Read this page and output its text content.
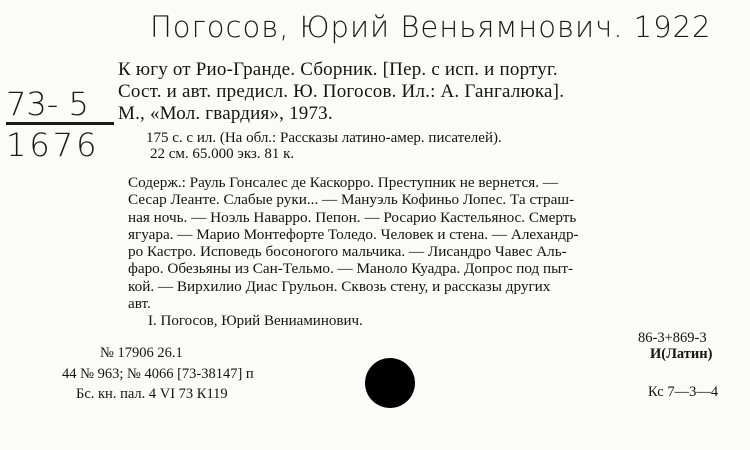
Погосов, Юрий Веньямнович. 1922
73- 5
1676
К югу от Рио-Гранде. Сборник. [Пер. с исп. и португ.
Сост. и авт. предисл. Ю. Погосов. Ил.: А. Гангалюка].
М., «Мол. гвардия», 1973.
175 с. с ил. (На обл.: Рассказы латино-амер. писателей).
22 см. 65.000 экз. 81 к.
Содерж.: Рауль Гонсалес де Каскорро. Преступник не вернется. —
Сесар Леанте. Слабые руки... — Мануэль Кофиньо Лопес. Та страш-
ная ночь. — Ноэль Наварро. Пепон. — Росарио Кастельянос. Смерть
ягуара. — Марио Монтефорте Толедо. Человек и стена. — Алехандр-
ро Кастро. Исповедь босоногого мальчика. — Лисандро Чавес Аль-
фаро. Обезьяны из Сан-Тельмо. — Маноло Куадра. Допрос под пыт-
кой. — Вирхилио Диас Грульон. Сквозь стену, и рассказы других
авт.
I. Погосов, Юрий Вениаминович.
№ 17906 26.1
44 № 963; № 4066 [73-38147] п
Бс. кн. пал. 4 VI 73 К119
86-3+869-3
И(Латин)
Кс 7—3—4
